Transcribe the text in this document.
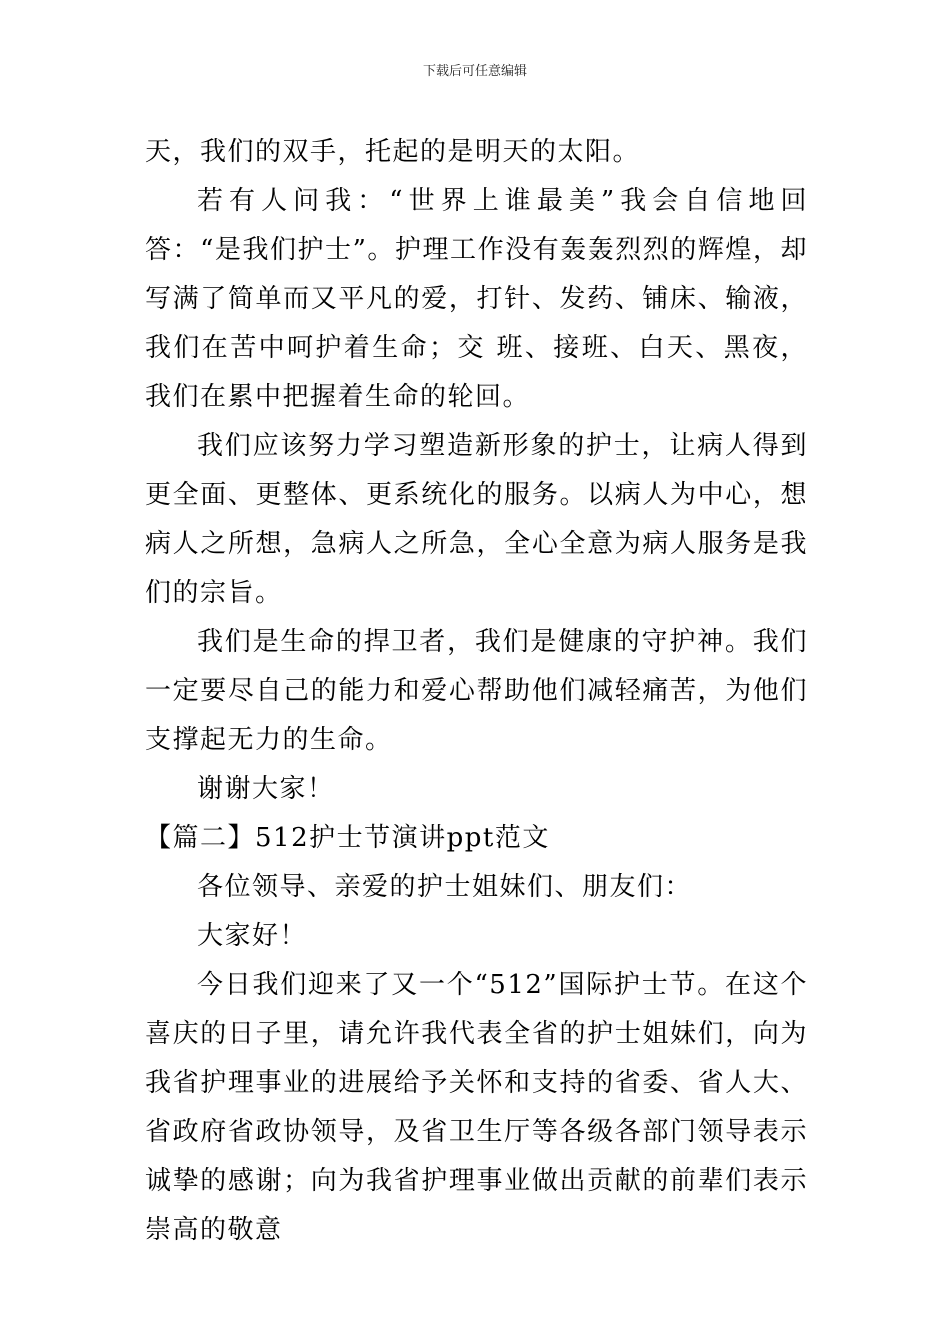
下载后可任意编辑

天，我们的双手，托起的是明天的太阳。

若有人问我：“世界上谁最美”我会自信地回答：“是我们护士”。护理工作没有轰轰烈烈的辉煌，却写满了简单而又平凡的爱，打针、发药、铺床、输液，我们在苦中呵护着生命；交 班、接班、白天、黑夜，我们在累中把握着生命的轮回。

我们应该努力学习塑造新形象的护士，让病人得到更全面、更整体、更系统化的服务。以病人为中心，想病人之所想，急病人之所急，全心全意为病人服务是我们的宗旨。

我们是生命的捍卫者，我们是健康的守护神。我们一定要尽自己的能力和爱心帮助他们减轻痛苦，为他们支撑起无力的生命。

谢谢大家！

【篇二】512护士节演讲ppt范文

各位领导、亲爱的护士姐妹们、朋友们：

大家好！

今日我们迎来了又一个“512”国际护士节。在这个喜庆的日子里，请允许我代表全省的护士姐妹们，向为我省护理事业的进展给予关怀和支持的省委、省人大、省政府省政协领导，及省卫生厅等各级各部门领导表示诚挚的感谢；向为我省护理事业做出贡献的前辈们表示崇高的敬意
